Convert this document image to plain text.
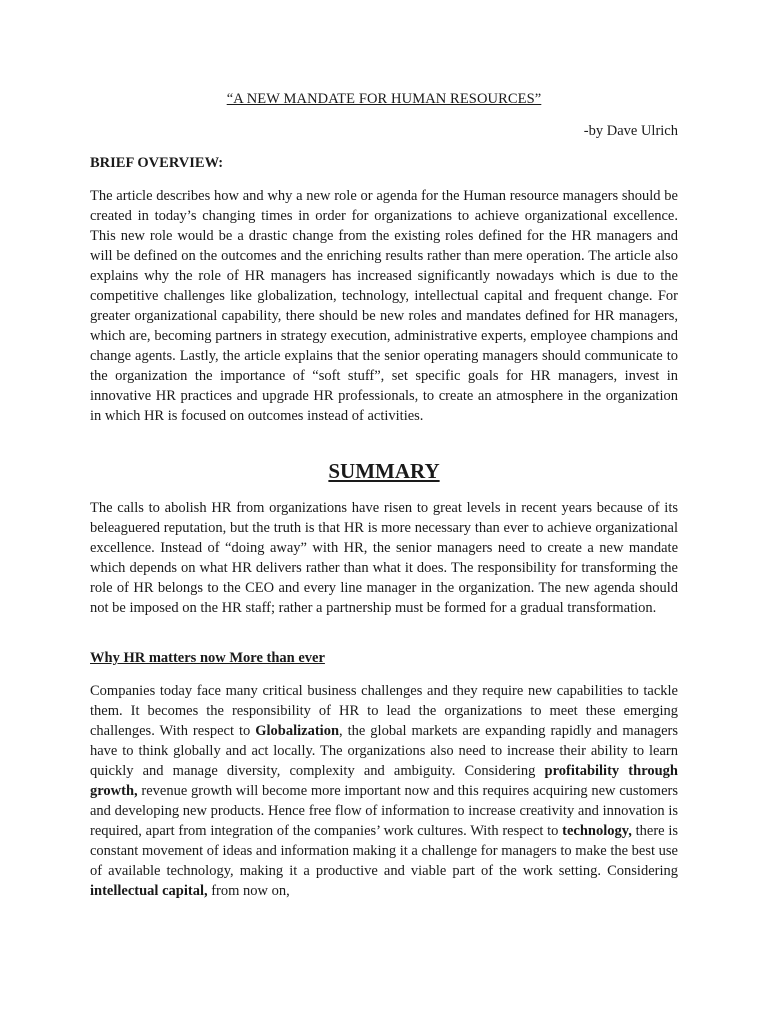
“A NEW MANDATE FOR HUMAN RESOURCES”
-by Dave Ulrich
BRIEF OVERVIEW:

The article describes how and why a new role or agenda for the Human resource managers should be created in today’s changing times in order for organizations to achieve organizational excellence. This new role would be a drastic change from the existing roles defined for the HR managers and will be defined on the outcomes and the enriching results rather than mere operation. The article also explains why the role of HR managers has increased significantly nowadays which is due to the competitive challenges like globalization, technology, intellectual capital and frequent change. For greater organizational capability, there should be new roles and mandates defined for HR managers, which are, becoming partners in strategy execution, administrative experts, employee champions and change agents. Lastly, the article explains that the senior operating managers should communicate to the organization the importance of “soft stuff”, set specific goals for HR managers, invest in innovative HR practices and upgrade HR professionals, to create an atmosphere in the organization in which HR is focused on outcomes instead of activities.

SUMMARY

The calls to abolish HR from organizations have risen to great levels in recent years because of its beleaguered reputation, but the truth is that HR is more necessary than ever to achieve organizational excellence. Instead of “doing away” with HR, the senior managers need to create a new mandate which depends on what HR delivers rather than what it does. The responsibility for transforming the role of HR belongs to the CEO and every line manager in the organization. The new agenda should not be imposed on the HR staff; rather a partnership must be formed for a gradual transformation.

Why HR matters now More than ever

Companies today face many critical business challenges and they require new capabilities to tackle them. It becomes the responsibility of HR to lead the organizations to meet these emerging challenges. With respect to Globalization, the global markets are expanding rapidly and managers have to think globally and act locally. The organizations also need to increase their ability to learn quickly and manage diversity, complexity and ambiguity. Considering profitability through growth, revenue growth will become more important now and this requires acquiring new customers and developing new products. Hence free flow of information to increase creativity and innovation is required, apart from integration of the companies’ work cultures. With respect to technology, there is constant movement of ideas and information making it a challenge for managers to make the best use of available technology, making it a productive and viable part of the work setting. Considering intellectual capital, from now on,
